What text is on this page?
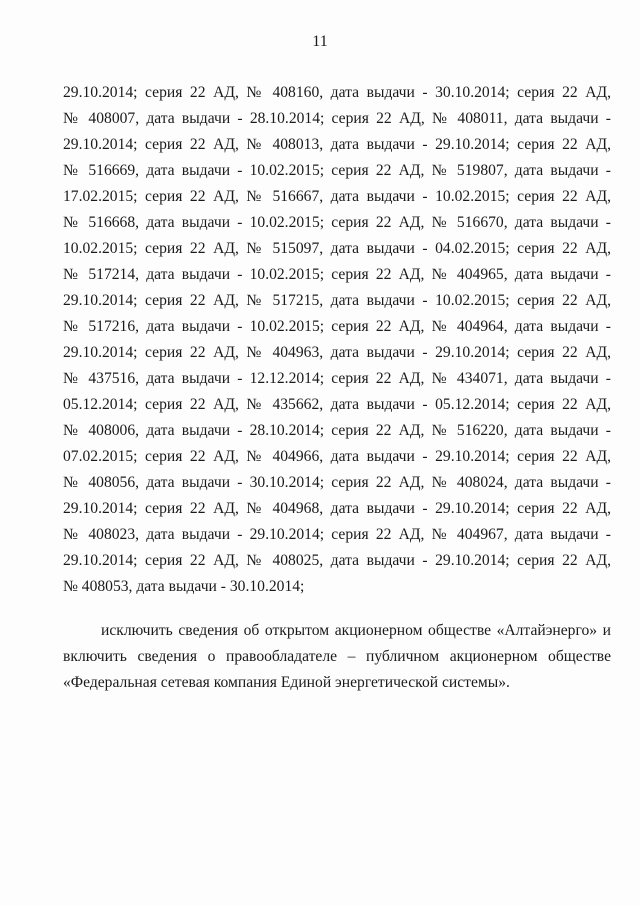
11
29.10.2014; серия 22 АД, № 408160, дата выдачи - 30.10.2014; серия 22 АД,
№ 408007, дата выдачи - 28.10.2014; серия 22 АД, № 408011, дата выдачи -
29.10.2014; серия 22 АД, № 408013, дата выдачи - 29.10.2014; серия 22 АД,
№ 516669, дата выдачи - 10.02.2015; серия 22 АД, № 519807, дата выдачи -
17.02.2015; серия 22 АД, № 516667, дата выдачи - 10.02.2015; серия 22 АД,
№ 516668, дата выдачи - 10.02.2015; серия 22 АД, № 516670, дата выдачи -
10.02.2015; серия 22 АД, № 515097, дата выдачи - 04.02.2015; серия 22 АД,
№ 517214, дата выдачи - 10.02.2015; серия 22 АД, № 404965, дата выдачи -
29.10.2014; серия 22 АД, № 517215, дата выдачи - 10.02.2015; серия 22 АД,
№ 517216, дата выдачи - 10.02.2015; серия 22 АД, № 404964, дата выдачи -
29.10.2014; серия 22 АД, № 404963, дата выдачи - 29.10.2014; серия 22 АД,
№ 437516, дата выдачи - 12.12.2014; серия 22 АД, № 434071, дата выдачи -
05.12.2014; серия 22 АД, № 435662, дата выдачи - 05.12.2014; серия 22 АД,
№ 408006, дата выдачи - 28.10.2014; серия 22 АД, № 516220, дата выдачи -
07.02.2015; серия 22 АД, № 404966, дата выдачи - 29.10.2014; серия 22 АД,
№ 408056, дата выдачи - 30.10.2014; серия 22 АД, № 408024, дата выдачи -
29.10.2014; серия 22 АД, № 404968, дата выдачи - 29.10.2014; серия 22 АД,
№ 408023, дата выдачи - 29.10.2014; серия 22 АД, № 404967, дата выдачи -
29.10.2014; серия 22 АД, № 408025, дата выдачи - 29.10.2014; серия 22 АД,
№ 408053, дата выдачи - 30.10.2014;
исключить сведения об открытом акционерном обществе «Алтайэнерго» и
включить сведения о правообладателе – публичном акционерном обществе
«Федеральная сетевая компания Единой энергетической системы».
